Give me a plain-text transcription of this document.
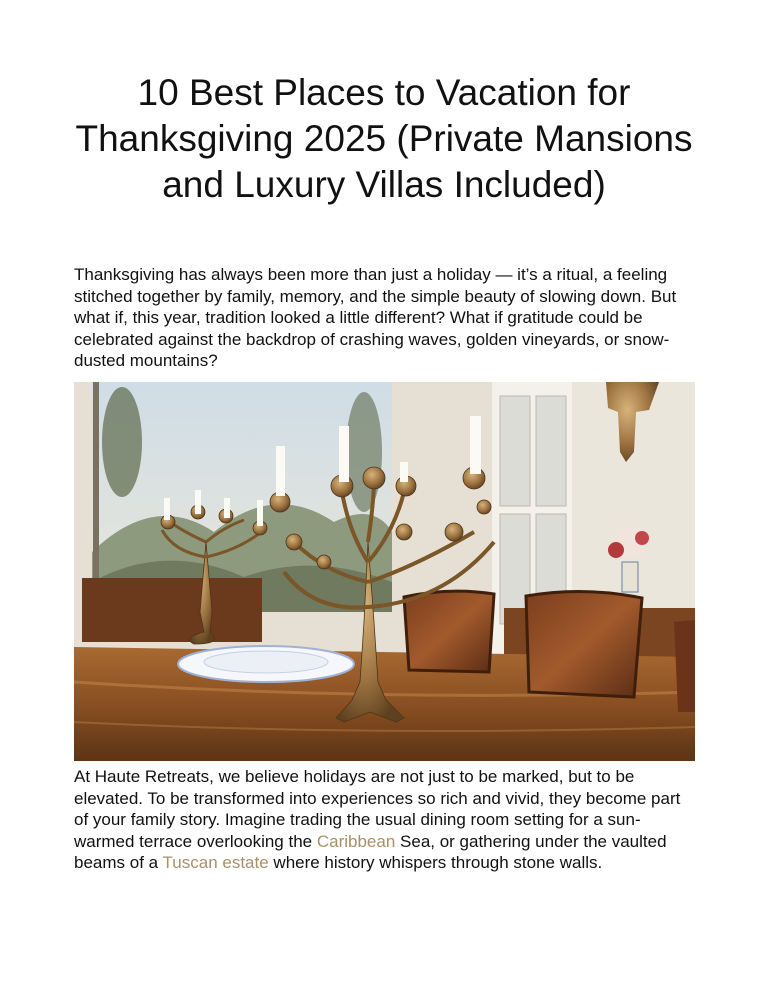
10 Best Places to Vacation for Thanksgiving 2025 (Private Mansions and Luxury Villas Included)

Thanksgiving has always been more than just a holiday — it’s a ritual, a feeling stitched together by family, memory, and the simple beauty of slowing down. But what if, this year, tradition looked a little different? What if gratitude could be celebrated against the backdrop of crashing waves, golden vineyards, or snow-dusted mountains?

At Haute Retreats, we believe holidays are not just to be marked, but to be elevated. To be transformed into experiences so rich and vivid, they become part of your family story. Imagine trading the usual dining room setting for a sun-warmed terrace overlooking the Caribbean Sea, or gathering under the vaulted beams of a Tuscan estate where history whispers through stone walls.
